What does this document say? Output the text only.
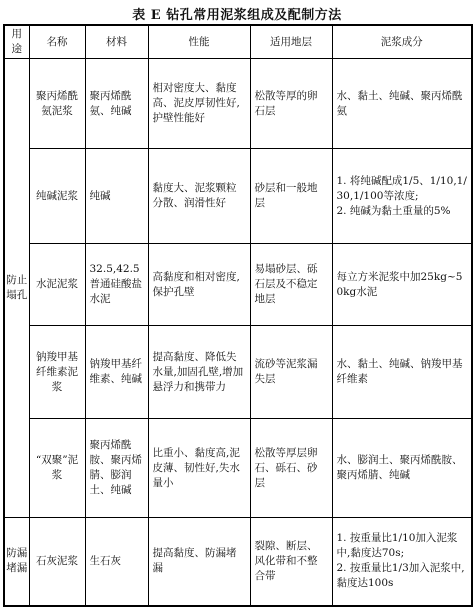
表 E 钻孔常用泥浆组成及配制方法
用途	名称	材料	性能	适用地层	泥浆成分
防止塌孔	聚丙烯酰氨泥浆	聚丙烯酰氨、纯碱	相对密度大、黏度高、泥皮厚韧性好,护壁性能好	松散等厚的卵石层	水、黏土、纯碱、聚丙烯酰氨

	纯碱泥浆	纯碱	黏度大、泥浆颗粒分散、润滑性好	砂层和一般地层	1. 将纯碱配成1/5、1/10,1/30,1/100等浓度;
2. 纯碱为黏土重量的5%

	水泥泥浆	32.5,42.5普通硅酸盐水泥	高黏度和相对密度,保护孔壁	易塌砂层、砾石层及不稳定地层	每立方米泥浆中加25kg~50kg水泥

	钠羧甲基纤维素泥浆	钠羧甲基纤维素、纯碱	提高黏度、降低失水量,加固孔壁,增加悬浮力和携带力	流砂等泥浆漏失层	水、黏土、纯碱、钠羧甲基纤维素

	“双聚”泥浆	聚丙烯酰胺、聚丙烯腈、膨润土、纯碱	比重小、黏度高,泥皮薄、韧性好,失水量小	松散等厚层卵石、砾石、砂层	水、膨润土、聚丙烯酰胺、聚丙烯腈、纯碱

防漏堵漏	石灰泥浆	生石灰	提高黏度、防漏堵漏	裂隙、断层、风化带和不整合带	1. 按重量比1/10加入泥浆中,黏度达70s;
2. 按重量比1/3加入泥浆中,黏度达100s
